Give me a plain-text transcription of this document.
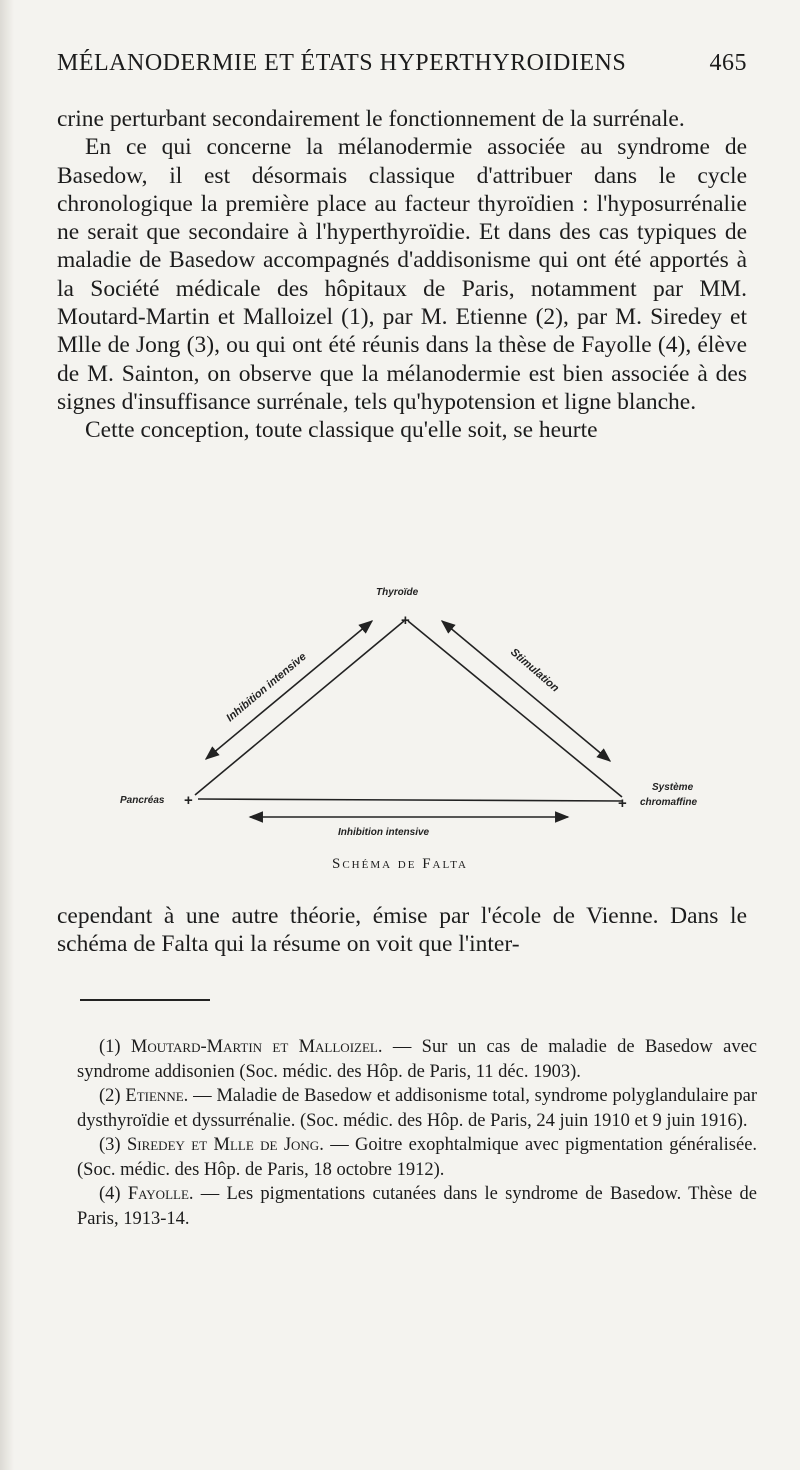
MÉLANODERMIE ET ÉTATS HYPERTHYROIDIENS	465

crine perturbant secondairement le fonctionnement de la surrénale.

En ce qui concerne la mélanodermie associée au syndrome de Basedow, il est désormais classique d'attribuer dans le cycle chronologique la première place au facteur thyroïdien : l'hyposurrénalie ne serait que secondaire à l'hyperthyroïdie. Et dans des cas typiques de maladie de Basedow accompagnés d'addisonisme qui ont été apportés à la Société médicale des hôpitaux de Paris, notamment par MM. Moutard-Martin et Malloizel (1), par M. Etienne (2), par M. Siredey et Mlle de Jong (3), ou qui ont été réunis dans la thèse de Fayolle (4), élève de M. Sainton, on observe que la mélanodermie est bien associée à des signes d'insuffisance surrénale, tels qu'hypotension et ligne blanche.

Cette conception, toute classique qu'elle soit, se heurte

+
+	+
Thyroïde
Pancréas
Système
chromaffine
Inhibition intensive	Stimulation
Inhibition intensive
Schéma de Falta
cependant à une autre théorie, émise par l'école de Vienne. Dans le schéma de Falta qui la résume on voit que l'inter-

(1) Moutard-Martin et Malloizel. — Sur un cas de maladie de Basedow avec syndrome addisonien (Soc. médic. des Hôp. de Paris, 11 déc. 1903).

(2) Etienne. — Maladie de Basedow et addisonisme total, syndrome polyglandulaire par dysthyroïdie et dyssurrénalie. (Soc. médic. des Hôp. de Paris, 24 juin 1910 et 9 juin 1916).

(3) Siredey et Mlle de Jong. — Goitre exophtalmique avec pigmentation généralisée. (Soc. médic. des Hôp. de Paris, 18 octobre 1912).

(4) Fayolle. — Les pigmentations cutanées dans le syndrome de Basedow. Thèse de Paris, 1913-14.
